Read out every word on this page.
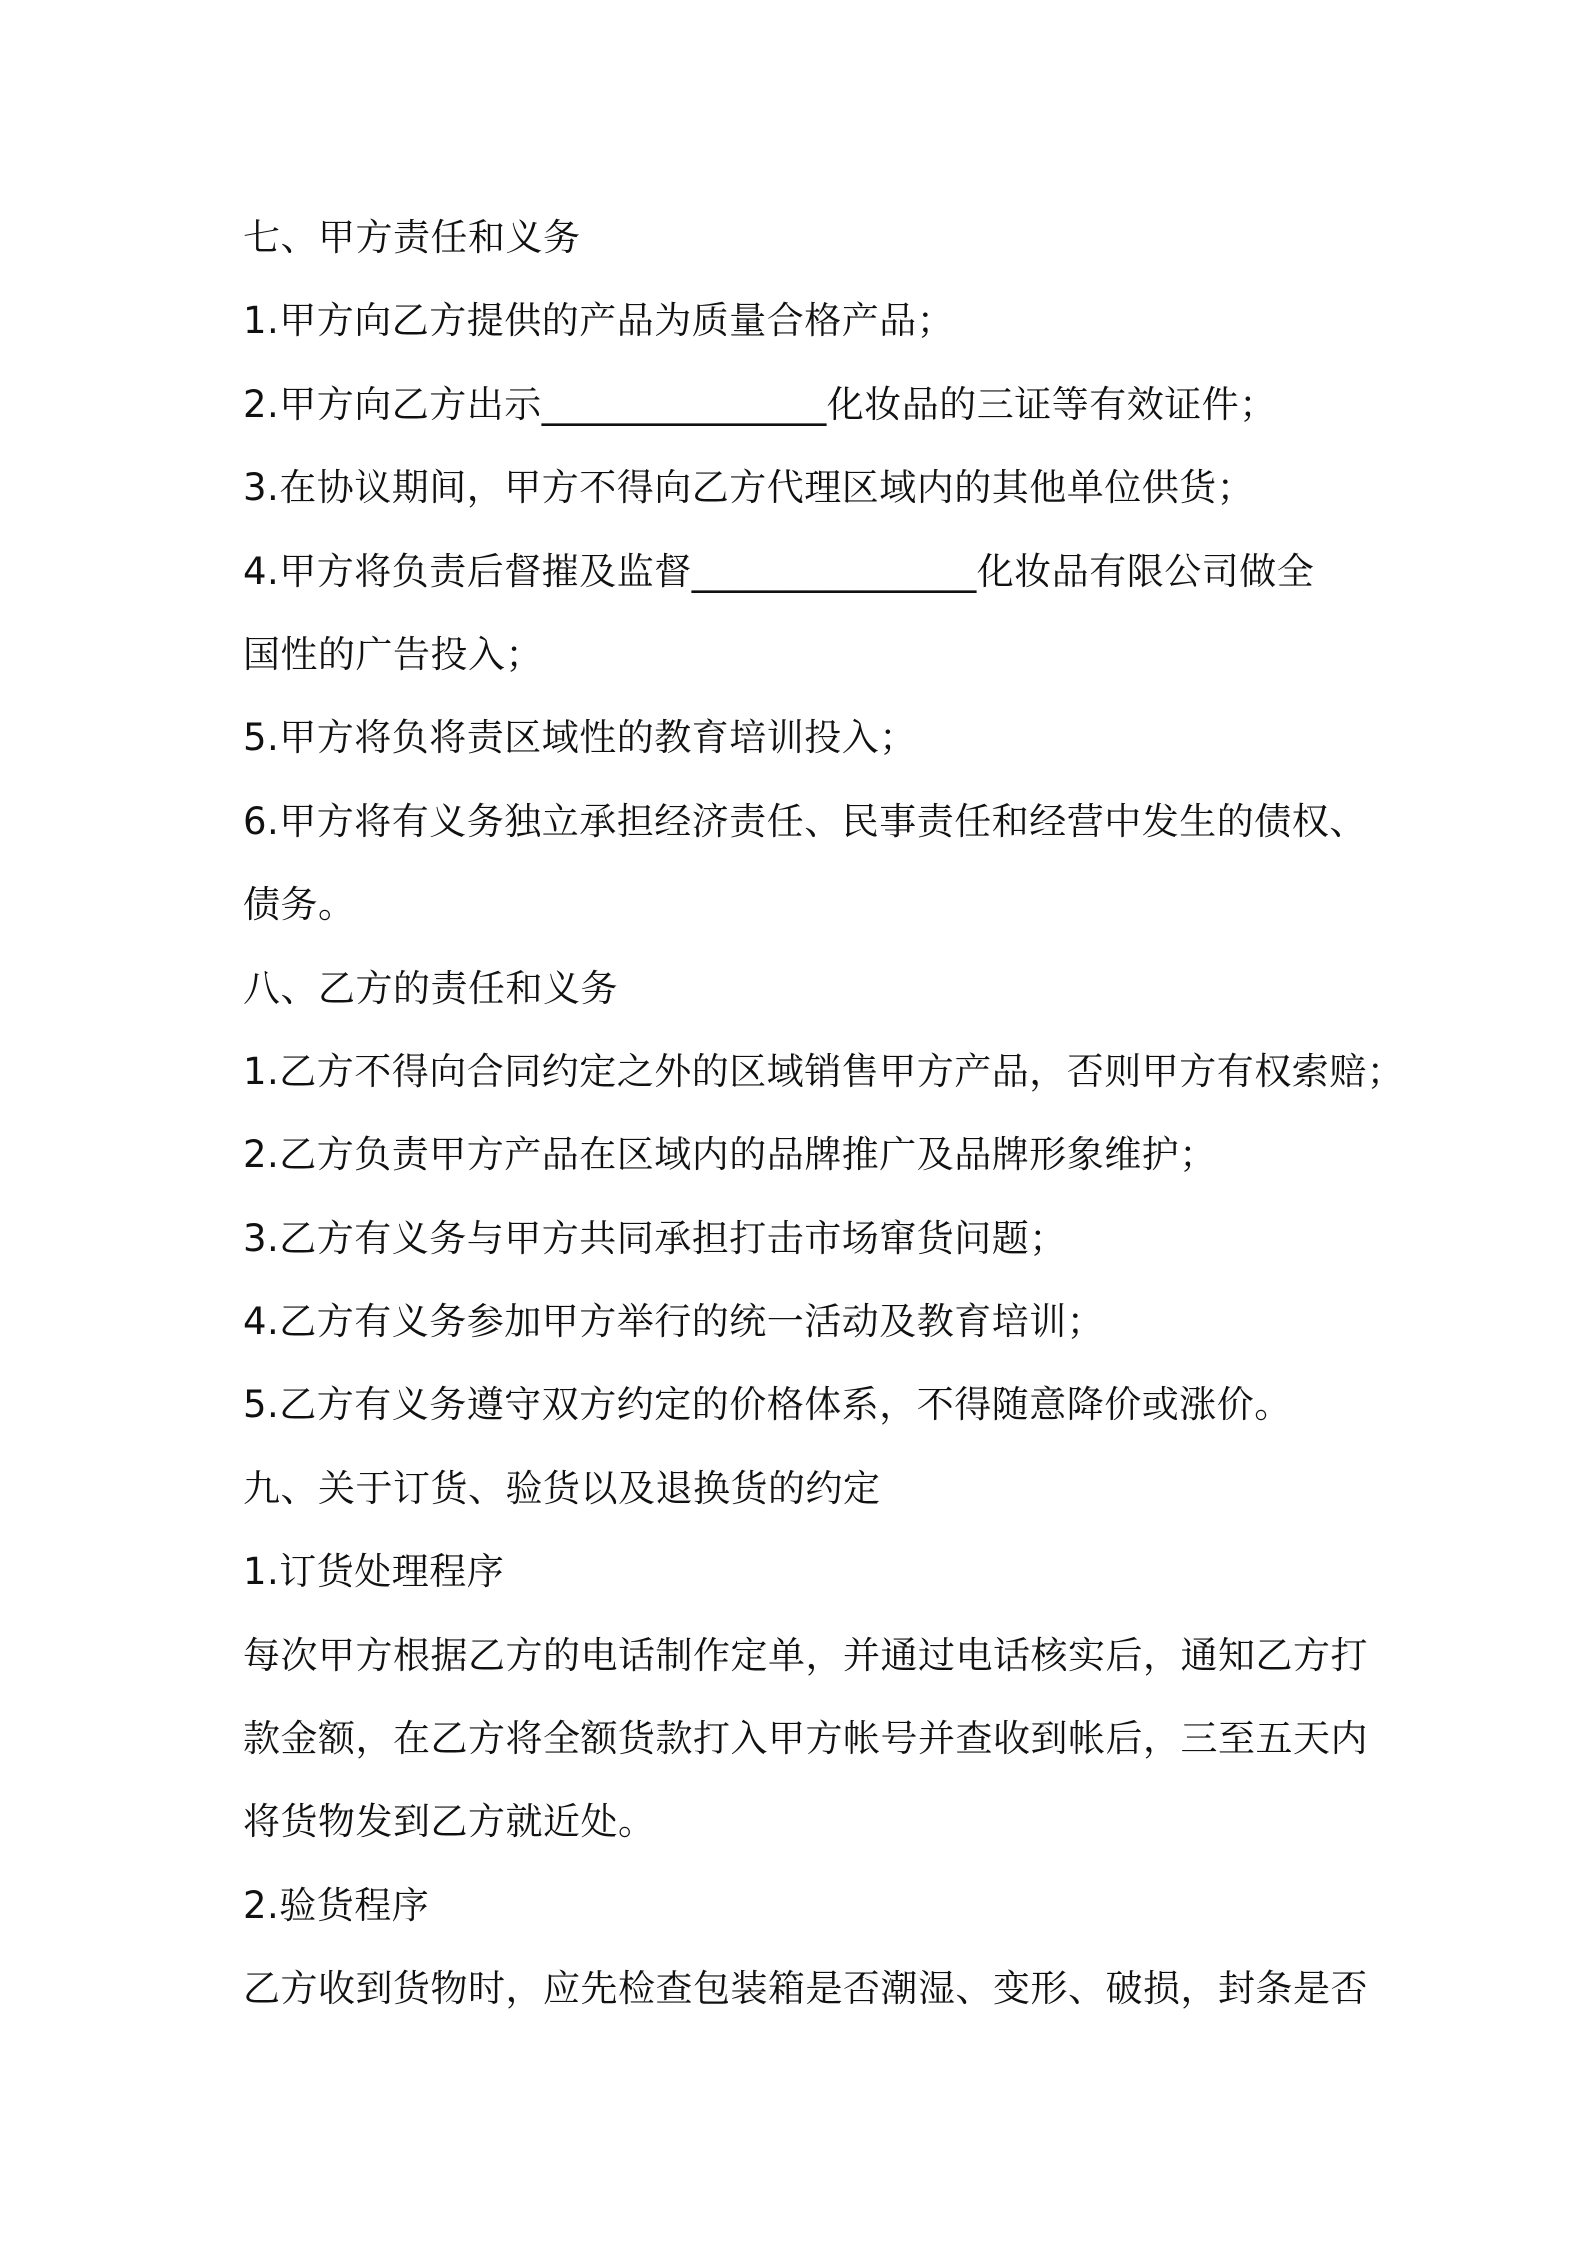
七、甲方责任和义务
1.甲方向乙方提供的产品为质量合格产品；
2.甲方向乙方出示_______________化妆品的三证等有效证件；
3.在协议期间，甲方不得向乙方代理区域内的其他单位供货；
4.甲方将负责后督摧及监督_______________化妆品有限公司做全
国性的广告投入；
5.甲方将负将责区域性的教育培训投入；
6.甲方将有义务独立承担经济责任、民事责任和经营中发生的债权、
债务。
八、乙方的责任和义务
1.乙方不得向合同约定之外的区域销售甲方产品，否则甲方有权索赔；
2.乙方负责甲方产品在区域内的品牌推广及品牌形象维护；
3.乙方有义务与甲方共同承担打击市场窜货问题；
4.乙方有义务参加甲方举行的统一活动及教育培训；
5.乙方有义务遵守双方约定的价格体系，不得随意降价或涨价。
九、关于订货、验货以及退换货的约定
1.订货处理程序
每次甲方根据乙方的电话制作定单，并通过电话核实后，通知乙方打
款金额，在乙方将全额货款打入甲方帐号并查收到帐后，三至五天内
将货物发到乙方就近处。
2.验货程序
乙方收到货物时，应先检查包装箱是否潮湿、变形、破损，封条是否
